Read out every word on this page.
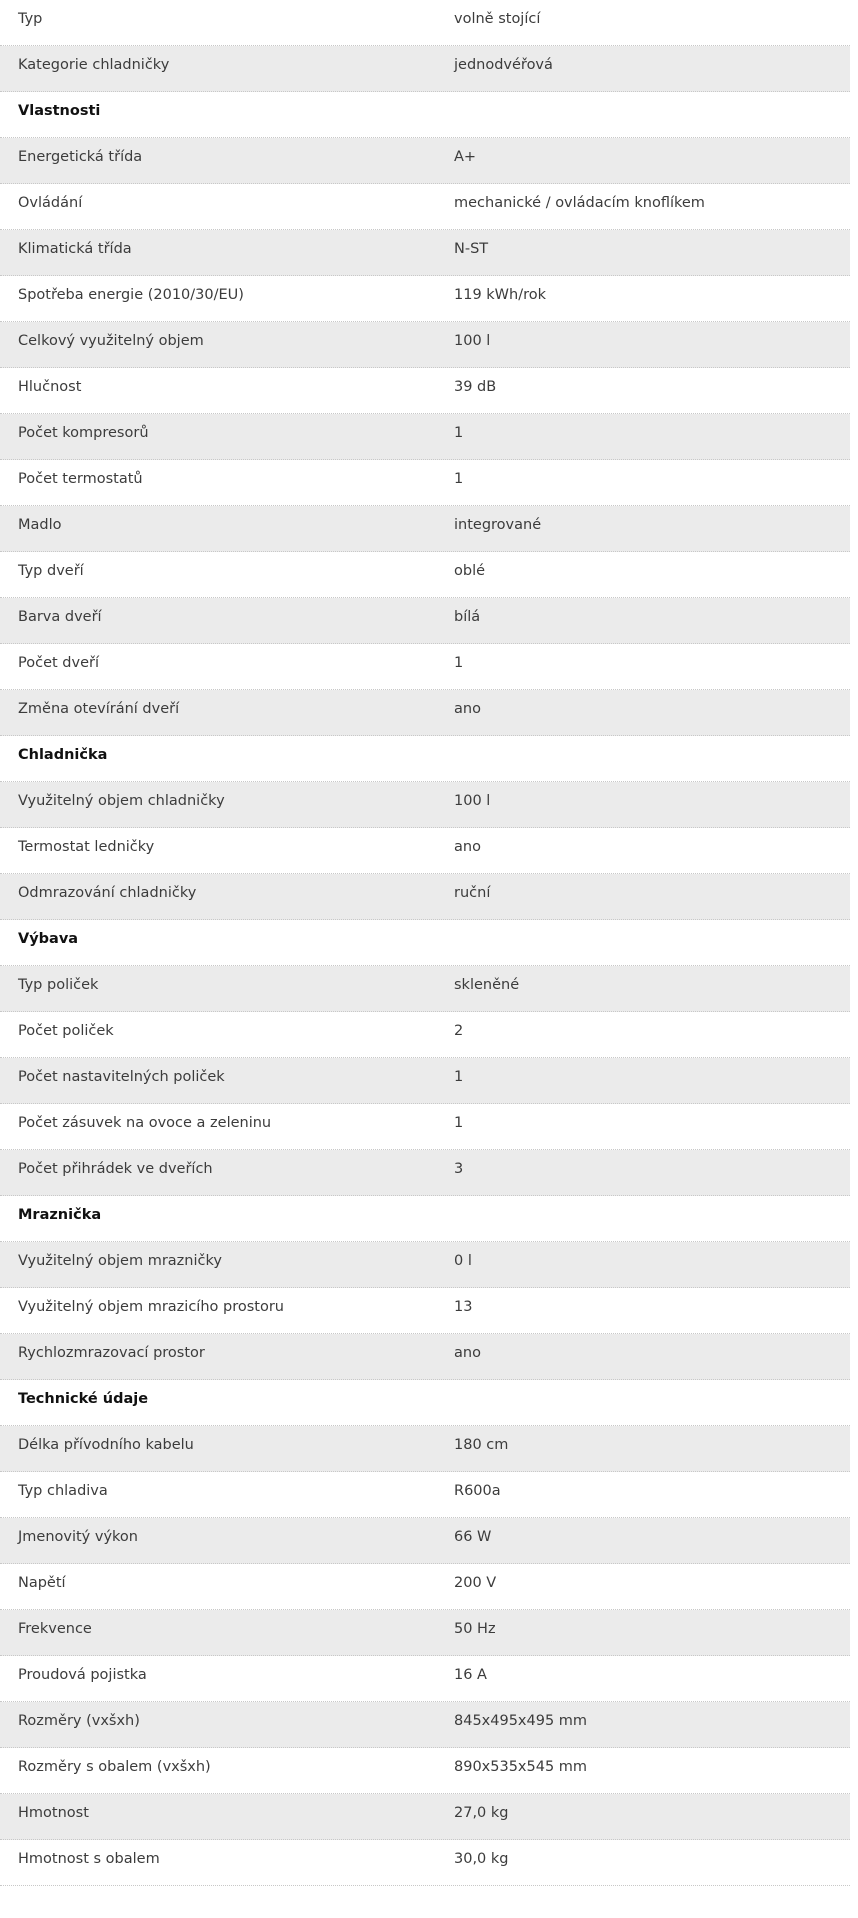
Typ	volně stojící
Kategorie chladničky	jednodvéřová
Vlastnosti
Energetická třída	A+
Ovládání	mechanické / ovládacím knoflíkem
Klimatická třída	N-ST
Spotřeba energie (2010/30/EU)	119 kWh/rok
Celkový využitelný objem	100 l
Hlučnost	39 dB
Počet kompresorů	1
Počet termostatů	1
Madlo	integrované
Typ dveří	oblé
Barva dveří	bílá
Počet dveří	1
Změna otevírání dveří	ano
Chladnička
Využitelný objem chladničky	100 l
Termostat ledničky	ano
Odmrazování chladničky	ruční
Výbava
Typ poliček	skleněné
Počet poliček	2
Počet nastavitelných poliček	1
Počet zásuvek na ovoce a zeleninu	1
Počet přihrádek ve dveřích	3
Mraznička
Využitelný objem mrazničky	0 l
Využitelný objem mrazicího prostoru	13
Rychlozmrazovací prostor	ano
Technické údaje
Délka přívodního kabelu	180 cm
Typ chladiva	R600a
Jmenovitý výkon	66 W
Napětí	200 V
Frekvence	50 Hz
Proudová pojistka	16 A
Rozměry (vxšxh)	845x495x495 mm
Rozměry s obalem (vxšxh)	890x535x545 mm
Hmotnost	27,0 kg
Hmotnost s obalem	30,0 kg
